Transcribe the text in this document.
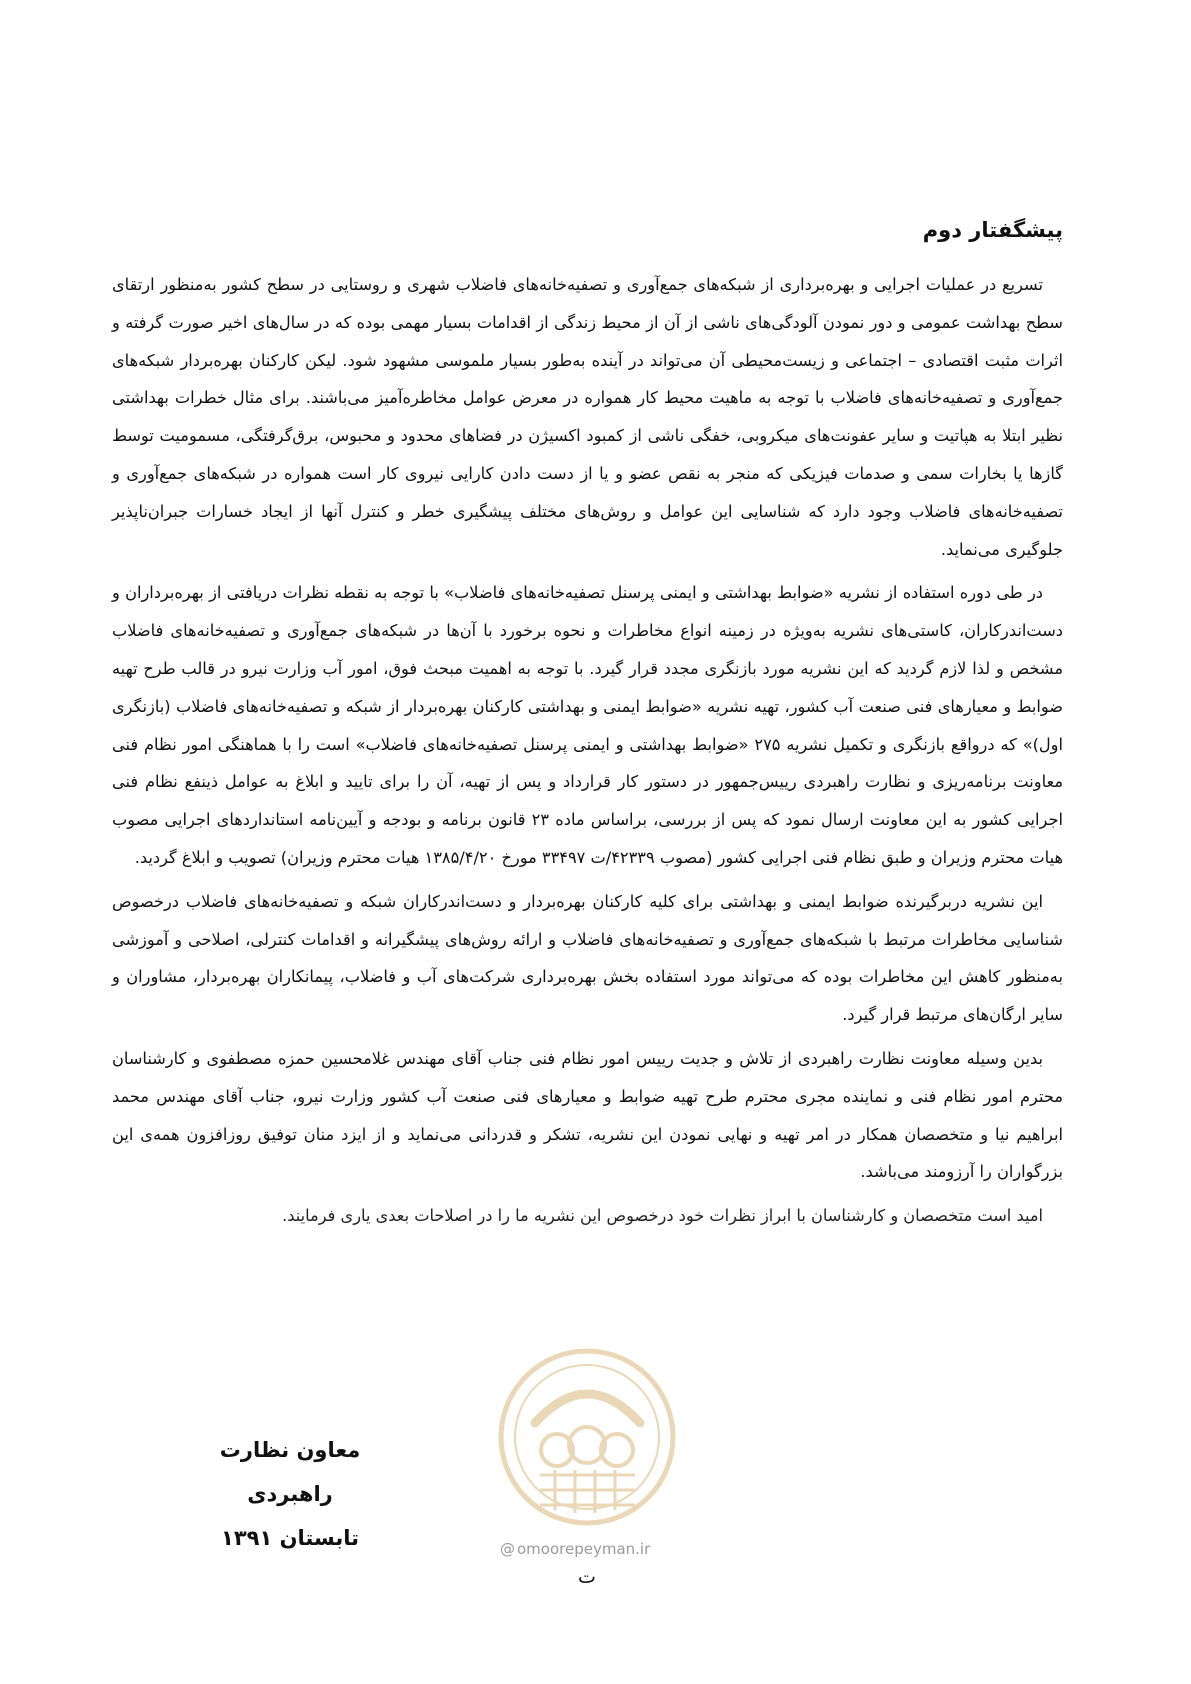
پیشگفتار دوم

تسریع در عملیات اجرایی و بهره‌برداری از شبکه‌های جمع‌آوری و تصفیه‌خانه‌های فاضلاب شهری و روستایی در سطح کشور به‌منظور ارتقای سطح بهداشت عمومی و دور نمودن آلودگی‌های ناشی از آن از محیط زندگی از اقدامات بسیار مهمی بوده که در سال‌های اخیر صورت گرفته و اثرات مثبت اقتصادی – اجتماعی و زیست‌محیطی آن می‌تواند در آینده به‌طور بسیار ملموسی مشهود شود. لیکن کارکنان بهره‌بردار شبکه‌های جمع‌آوری و تصفیه‌خانه‌های فاضلاب با توجه به ماهیت محیط کار همواره در معرض عوامل مخاطره‌آمیز می‌باشند. برای مثال خطرات بهداشتی نظیر ابتلا به هپاتیت و سایر عفونت‌های میکروبی، خفگی ناشی از کمبود اکسیژن در فضاهای محدود و محبوس، برق‌گرفتگی، مسمومیت توسط گازها یا بخارات سمی و صدمات فیزیکی که منجر به نقص عضو و یا از دست دادن کارایی نیروی کار است همواره در شبکه‌های جمع‌آوری و تصفیه‌خانه‌های فاضلاب وجود دارد که شناسایی این عوامل و روش‌های مختلف پیشگیری خطر و کنترل آنها از ایجاد خسارات جبران‌ناپذیر جلوگیری می‌نماید.

در طی دوره استفاده از نشریه «ضوابط بهداشتی و ایمنی پرسنل تصفیه‌خانه‌های فاضلاب» با توجه به نقطه نظرات دریافتی از بهره‌برداران و دست‌اندرکاران، کاستی‌های نشریه به‌ویژه در زمینه انواع مخاطرات و نحوه برخورد با آن‌ها در شبکه‌های جمع‌آوری و تصفیه‌خانه‌های فاضلاب مشخص و لذا لازم گردید که این نشریه مورد بازنگری مجدد قرار گیرد. با توجه به اهمیت مبحث فوق، امور آب وزارت نیرو در قالب طرح تهیه ضوابط و معیارهای فنی صنعت آب کشور، تهیه نشریه «ضوابط ایمنی و بهداشتی کارکنان بهره‌بردار از شبکه و تصفیه‌خانه‌های فاضلاب (بازنگری اول)» که درواقع بازنگری و تکمیل نشریه ۲۷۵ «ضوابط بهداشتی و ایمنی پرسنل تصفیه‌خانه‌های فاضلاب» است را با هماهنگی امور نظام فنی معاونت برنامه‌ریزی و نظارت راهبردی رییس‌جمهور در دستور کار قرارداد و پس از تهیه، آن را برای تایید و ابلاغ به عوامل ذینفع نظام فنی اجرایی کشور به این معاونت ارسال نمود که پس از بررسی، براساس ماده ۲۳ قانون برنامه و بودجه و آیین‌نامه استانداردهای اجرایی مصوب هیات محترم وزیران و طبق نظام فنی اجرایی کشور (مصوب ۴۲۳۳۹/ت ۳۳۴۹۷ مورخ ۱۳۸۵/۴/۲۰ هیات محترم وزیران) تصویب و ابلاغ گردید.

این نشریه دربرگیرنده ضوابط ایمنی و بهداشتی برای کلیه کارکنان بهره‌بردار و دست‌اندرکاران شبکه و تصفیه‌خانه‌های فاضلاب درخصوص شناسایی مخاطرات مرتبط با شبکه‌های جمع‌آوری و تصفیه‌خانه‌های فاضلاب و ارائه روش‌های پیشگیرانه و اقدامات کنترلی، اصلاحی و آموزشی به‌منظور کاهش این مخاطرات بوده که می‌تواند مورد استفاده بخش بهره‌برداری شرکت‌های آب و فاضلاب، پیمانکاران بهره‌بردار، مشاوران و سایر ارگان‌های مرتبط قرار گیرد.

بدین وسیله معاونت نظارت راهبردی از تلاش و جدیت رییس امور نظام فنی جناب آقای مهندس غلامحسین حمزه مصطفوی و کارشناسان محترم امور نظام فنی و نماینده مجری محترم طرح تهیه ضوابط و معیارهای فنی صنعت آب کشور وزارت نیرو، جناب آقای مهندس محمد ابراهیم نیا و متخصصان همکار در امر تهیه و نهایی نمودن این نشریه، تشکر و قدردانی می‌نماید و از ایزد منان توفیق روزافزون همه‌ی این بزرگواران را آرزومند می‌باشد.

امید است متخصصان و کارشناسان با ابراز نظرات خود درخصوص این نشریه ما را در اصلاحات بعدی یاری فرمایند.

معاون نظارت راهبردی
تابستان ۱۳۹۱	@ omoorepeyman.ir
ت
